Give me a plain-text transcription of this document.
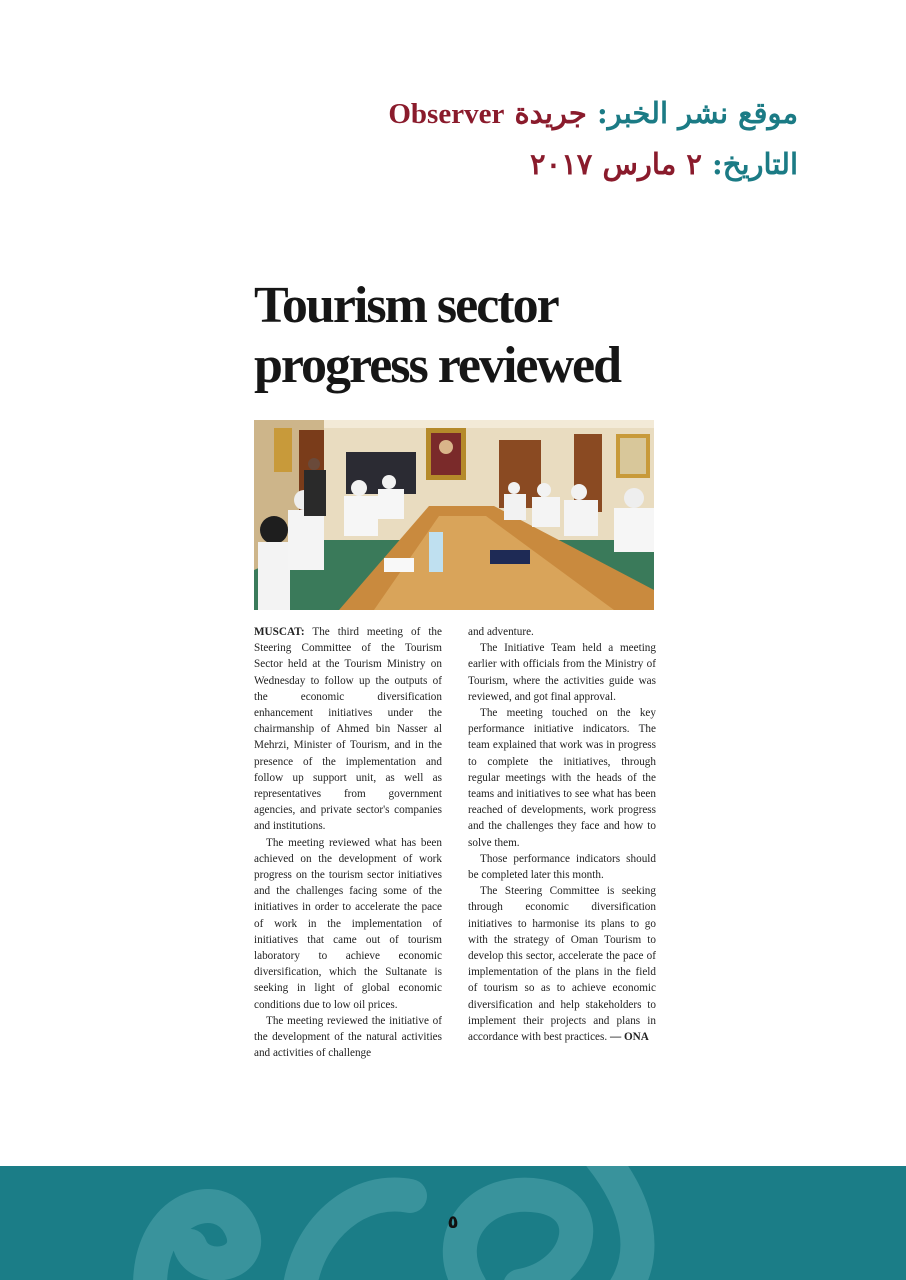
موقع نشر الخبر: جريدة Observer
التاريخ: ٢ مارس ٢٠١٧
Tourism sector
progress reviewed

MUSCAT: The third meeting of the Steering Committee of the Tourism Sector held at the Tourism Ministry on Wednesday to follow up the outputs of the economic diversification enhancement initiatives under the chairmanship of Ahmed bin Nasser al Mehrzi, Minister of Tourism, and in the presence of the implementation and follow up support unit, as well as representatives from government agencies, and private sector's companies and institutions.

The meeting reviewed what has been achieved on the development of work progress on the tourism sector initiatives and the challenges facing some of the initiatives in order to accelerate the pace of work in the implementation of initiatives that came out of tourism laboratory to achieve economic diversification, which the Sultanate is seeking in light of global economic conditions due to low oil prices.

The meeting reviewed the initiative of the development of the natural activities and activities of challenge

and adventure.

The Initiative Team held a meeting earlier with officials from the Ministry of Tourism, where the activities guide was reviewed, and got final approval.

The meeting touched on the key performance initiative indicators. The team explained that work was in progress to complete the initiatives, through regular meetings with the heads of the teams and initiatives to see what has been reached of developments, work progress and the challenges they face and how to solve them.

Those performance indicators should be completed later this month.

The Steering Committee is seeking through economic diversification initiatives to harmonise its plans to go with the strategy of Oman Tourism to develop this sector, accelerate the pace of implementation of the plans in the field of tourism so as to achieve economic diversification and help stakeholders to implement their projects and plans in accordance with best practices. — ONA

٥
